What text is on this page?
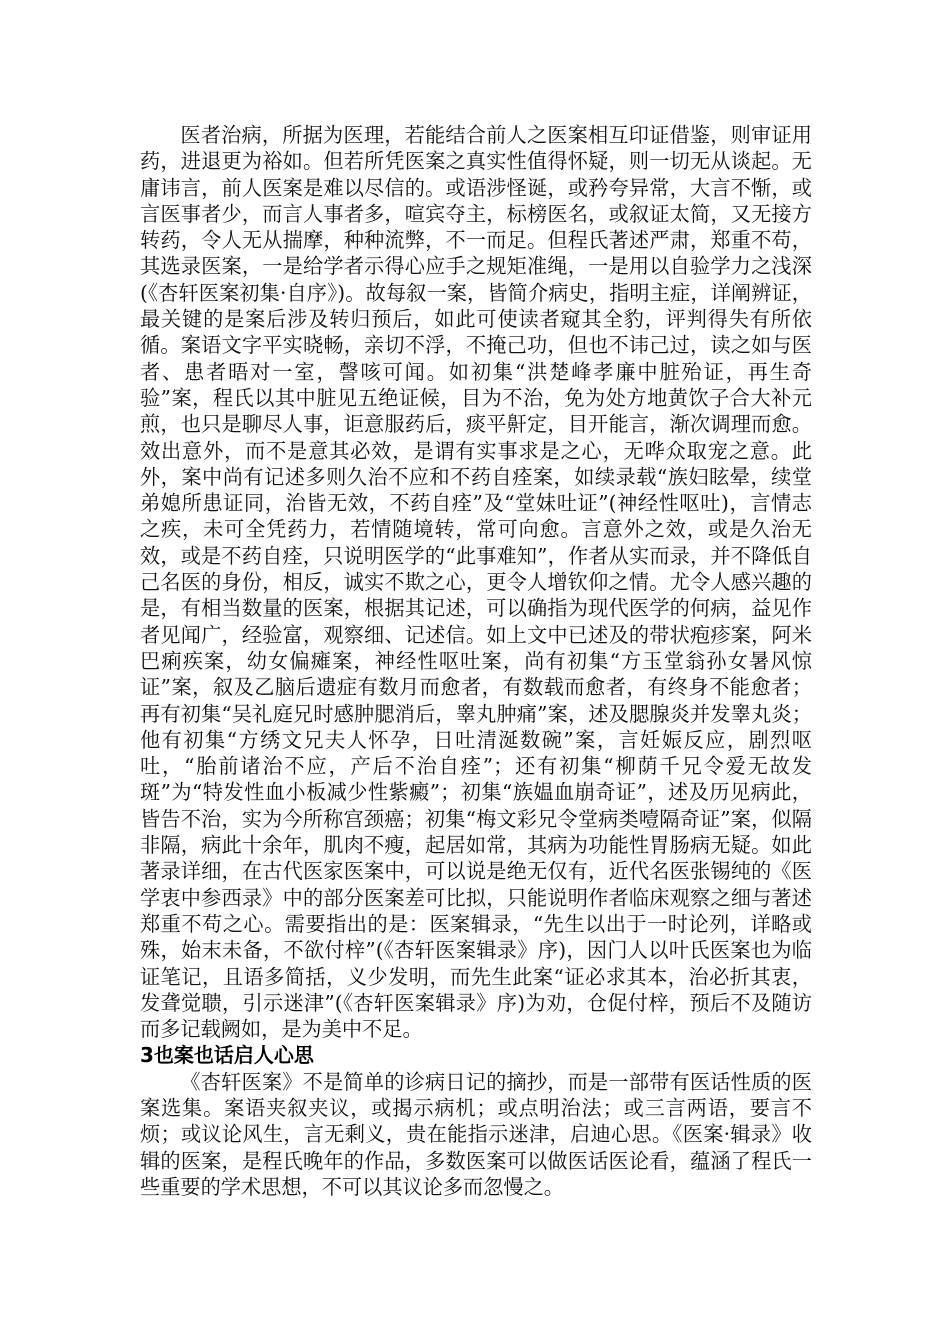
医者治病，所据为医理，若能结合前人之医案相互印证借鉴，则审证用药，进退更为裕如。但若所凭医案之真实性值得怀疑，则一切无从谈起。无庸讳言，前人医案是难以尽信的。或语涉怪诞，或矜夸异常，大言不惭，或言医事者少，而言人事者多，喧宾夺主，标榜医名，或叙证太简，又无接方转药，令人无从揣摩，种种流弊，不一而足。但程氏著述严肃，郑重不苟，其选录医案，一是给学者示得心应手之规矩准绳，一是用以自验学力之浅深(《杏轩医案初集·自序》)。故每叙一案，皆简介病史，指明主症，详阐辨证，最关键的是案后涉及转归预后，如此可使读者窥其全豹，评判得失有所依循。案语文字平实晓畅，亲切不浮，不掩己功，但也不讳己过，读之如与医者、患者晤对一室，謦咳可闻。如初集“洪楚峰孝廉中脏殆证，再生奇验”案，程氏以其中脏见五绝证候，目为不治，免为处方地黄饮子合大补元煎，也只是聊尽人事，讵意服药后，痰平鼾定，目开能言，渐次调理而愈。效出意外，而不是意其必效，是谓有实事求是之心，无哗众取宠之意。此外，案中尚有记述多则久治不应和不药自痊案，如续录载“族妇眩晕，续堂弟媳所患证同，治皆无效，不药自痊”及“堂妹吐证”(神经性呕吐)，言情志之疾，未可全凭药力，若情随境转，常可向愈。言意外之效，或是久治无效，或是不药自痊，只说明医学的“此事难知”，作者从实而录，并不降低自己名医的身份，相反，诚实不欺之心，更令人增钦仰之情。尤令人感兴趣的是，有相当数量的医案，根据其记述，可以确指为现代医学的何病，益见作者见闻广，经验富，观察细、记述信。如上文中已述及的带状疱疹案，阿米巴痢疾案，幼女偏瘫案，神经性呕吐案，尚有初集“方玉堂翁孙女暑风惊证”案，叙及乙脑后遗症有数月而愈者，有数载而愈者，有终身不能愈者；再有初集“吴礼庭兄时感肿腮消后，睾丸肿痛”案，述及腮腺炎并发睾丸炎；他有初集“方绣文兄夫人怀孕，日吐清涎数碗”案，言妊娠反应，剧烈呕吐，“胎前诸治不应，产后不治自痊”；还有初集“柳荫千兄令爱无故发斑”为“特发性血小板减少性紫癜”；初集“族媪血崩奇证”，述及历见病此，皆告不治，实为今所称宫颈癌；初集“梅文彩兄令堂病类噎隔奇证”案，似隔非隔，病此十余年，肌肉不瘦，起居如常，其病为功能性胃肠病无疑。如此著录详细，在古代医家医案中，可以说是绝无仅有，近代名医张锡纯的《医学衷中参西录》中的部分医案差可比拟，只能说明作者临床观察之细与著述郑重不苟之心。需要指出的是：医案辑录，“先生以出于一时论列，详略或殊，始末未备，不欲付梓”(《杏轩医案辑录》序)，因门人以叶氏医案也为临证笔记，且语多简括，义少发明，而先生此案“证必求其本，治必折其衷，发聋觉聩，引示迷津”(《杏轩医案辑录》序)为劝，仓促付梓，预后不及随访而多记载阙如，是为美中不足。

3也案也话启人心思

《杏轩医案》不是简单的诊病日记的摘抄，而是一部带有医话性质的医案选集。案语夹叙夹议，或揭示病机；或点明治法；或三言两语，要言不烦；或议论风生，言无剩义，贵在能指示迷津，启迪心思。《医案·辑录》收辑的医案，是程氏晚年的作品，多数医案可以做医话医论看，蕴涵了程氏一些重要的学术思想，不可以其议论多而忽慢之。
